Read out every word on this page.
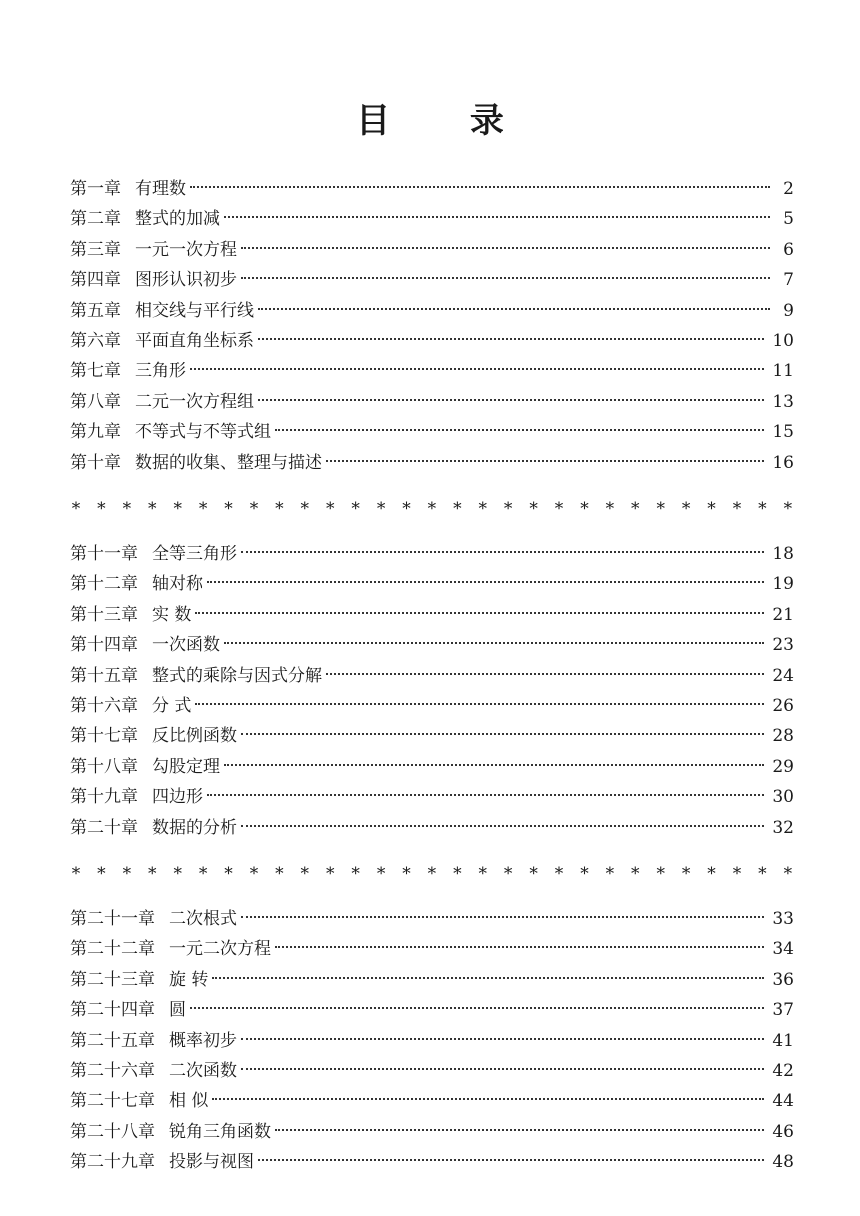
目 录
第一章 有理数	2
第二章 整式的加减	5
第三章 一元一次方程	6
第四章 图形认识初步	7
第五章 相交线与平行线	9
第六章 平面直角坐标系	10
第七章 三角形	11
第八章 二元一次方程组	13
第九章 不等式与不等式组	15
第十章 数据的收集、整理与描述	16
* * * * * * * * * * * * * * * * * * * * * * * * * * * * *
第十一章 全等三角形	18
第十二章 轴对称	19
第十三章 实 数	21
第十四章 一次函数	23
第十五章 整式的乘除与因式分解	24
第十六章 分 式	26
第十七章 反比例函数	28
第十八章 勾股定理	29
第十九章 四边形	30
第二十章 数据的分析	32
* * * * * * * * * * * * * * * * * * * * * * * * * * * * *
第二十一章 二次根式	33
第二十二章 一元二次方程	34
第二十三章 旋 转	36
第二十四章 圆	37
第二十五章 概率初步	41
第二十六章 二次函数	42
第二十七章 相 似	44
第二十八章 锐角三角函数	46
第二十九章 投影与视图	48
